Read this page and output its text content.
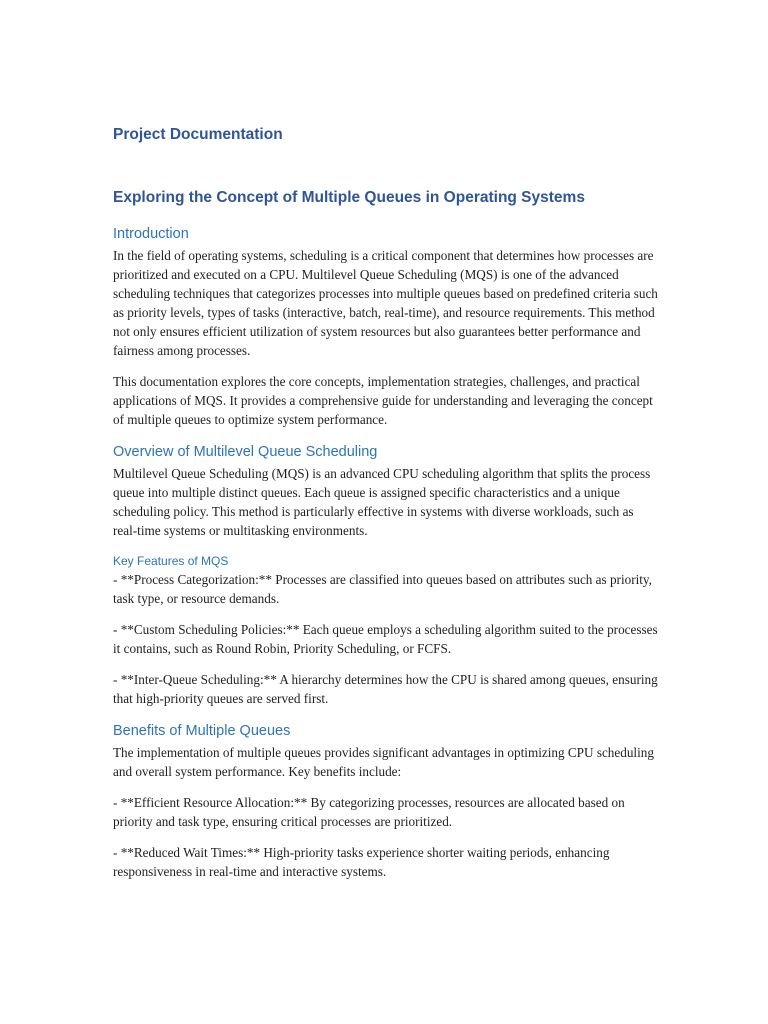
Project Documentation
Exploring the Concept of Multiple Queues in Operating Systems
Introduction

In the field of operating systems, scheduling is a critical component that determines how processes are prioritized and executed on a CPU. Multilevel Queue Scheduling (MQS) is one of the advanced scheduling techniques that categorizes processes into multiple queues based on predefined criteria such as priority levels, types of tasks (interactive, batch, real-time), and resource requirements. This method not only ensures efficient utilization of system resources but also guarantees better performance and fairness among processes.

This documentation explores the core concepts, implementation strategies, challenges, and practical applications of MQS. It provides a comprehensive guide for understanding and leveraging the concept of multiple queues to optimize system performance.

Overview of Multilevel Queue Scheduling

Multilevel Queue Scheduling (MQS) is an advanced CPU scheduling algorithm that splits the process queue into multiple distinct queues. Each queue is assigned specific characteristics and a unique scheduling policy. This method is particularly effective in systems with diverse workloads, such as real-time systems or multitasking environments.

Key Features of MQS

- **Process Categorization:** Processes are classified into queues based on attributes such as priority, task type, or resource demands.

- **Custom Scheduling Policies:** Each queue employs a scheduling algorithm suited to the processes it contains, such as Round Robin, Priority Scheduling, or FCFS.

- **Inter-Queue Scheduling:** A hierarchy determines how the CPU is shared among queues, ensuring that high-priority queues are served first.

Benefits of Multiple Queues

The implementation of multiple queues provides significant advantages in optimizing CPU scheduling and overall system performance. Key benefits include:

- **Efficient Resource Allocation:** By categorizing processes, resources are allocated based on priority and task type, ensuring critical processes are prioritized.

- **Reduced Wait Times:** High-priority tasks experience shorter waiting periods, enhancing responsiveness in real-time and interactive systems.
